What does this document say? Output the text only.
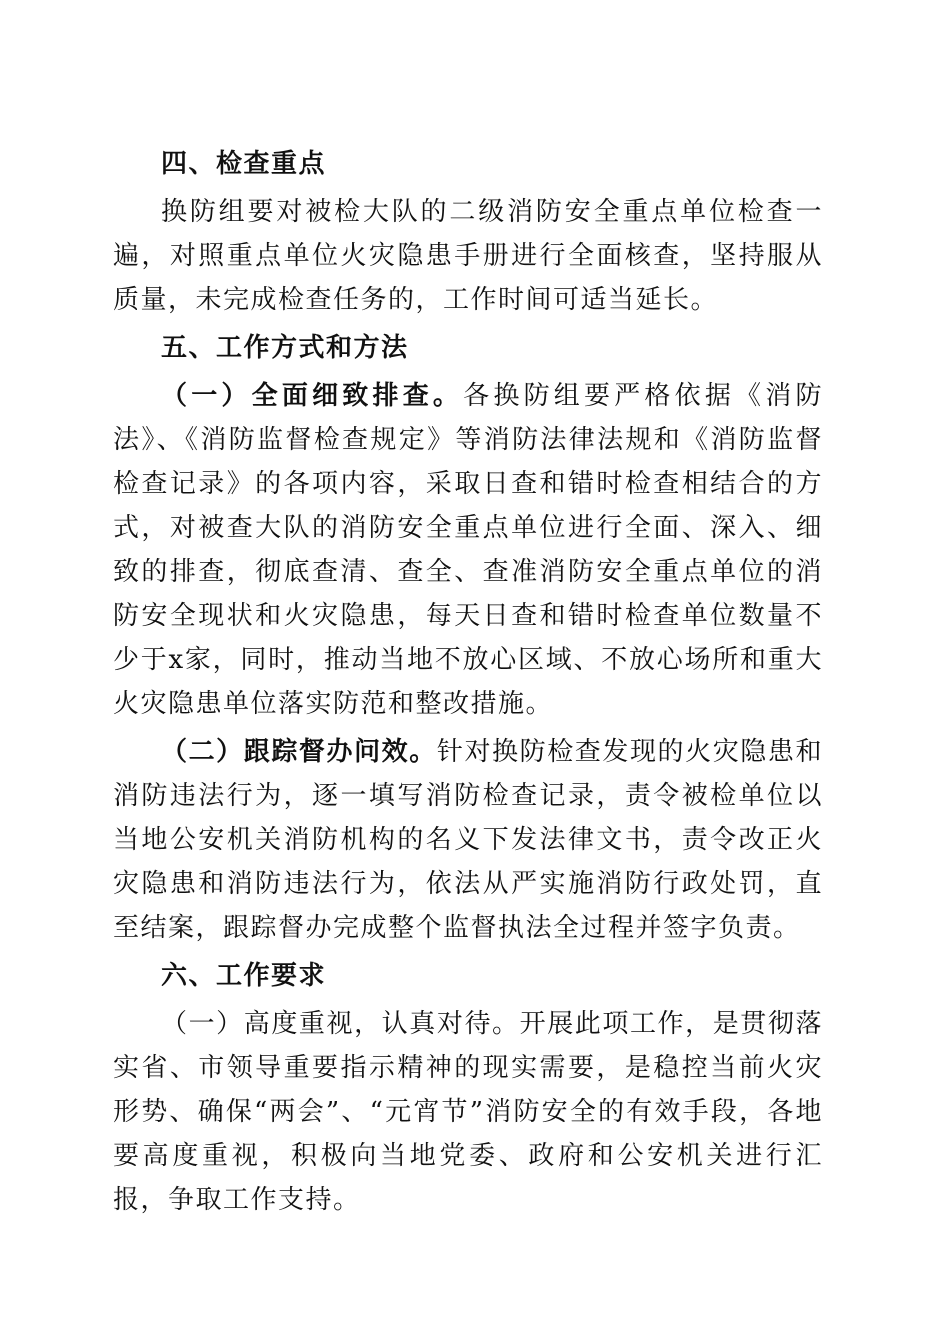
四、检查重点

换防组要对被检大队的二级消防安全重点单位检查一遍，对照重点单位火灾隐患手册进行全面核查，坚持服从质量，未完成检查任务的，工作时间可适当延长。

五、工作方式和方法

（一）全面细致排查。各换防组要严格依据《消防法》、《消防监督检查规定》等消防法律法规和《消防监督检查记录》的各项内容，采取日查和错时检查相结合的方式，对被查大队的消防安全重点单位进行全面、深入、细致的排查，彻底查清、查全、查准消防安全重点单位的消防安全现状和火灾隐患，每天日查和错时检查单位数量不少于x家，同时，推动当地不放心区域、不放心场所和重大火灾隐患单位落实防范和整改措施。

（二）跟踪督办问效。针对换防检查发现的火灾隐患和消防违法行为，逐一填写消防检查记录，责令被检单位以当地公安机关消防机构的名义下发法律文书，责令改正火灾隐患和消防违法行为，依法从严实施消防行政处罚，直至结案，跟踪督办完成整个监督执法全过程并签字负责。

六、工作要求

（一）高度重视，认真对待。开展此项工作，是贯彻落实省、市领导重要指示精神的现实需要，是稳控当前火灾形势、确保“两会”、“元宵节”消防安全的有效手段，各地要高度重视，积极向当地党委、政府和公安机关进行汇报，争取工作支持。
